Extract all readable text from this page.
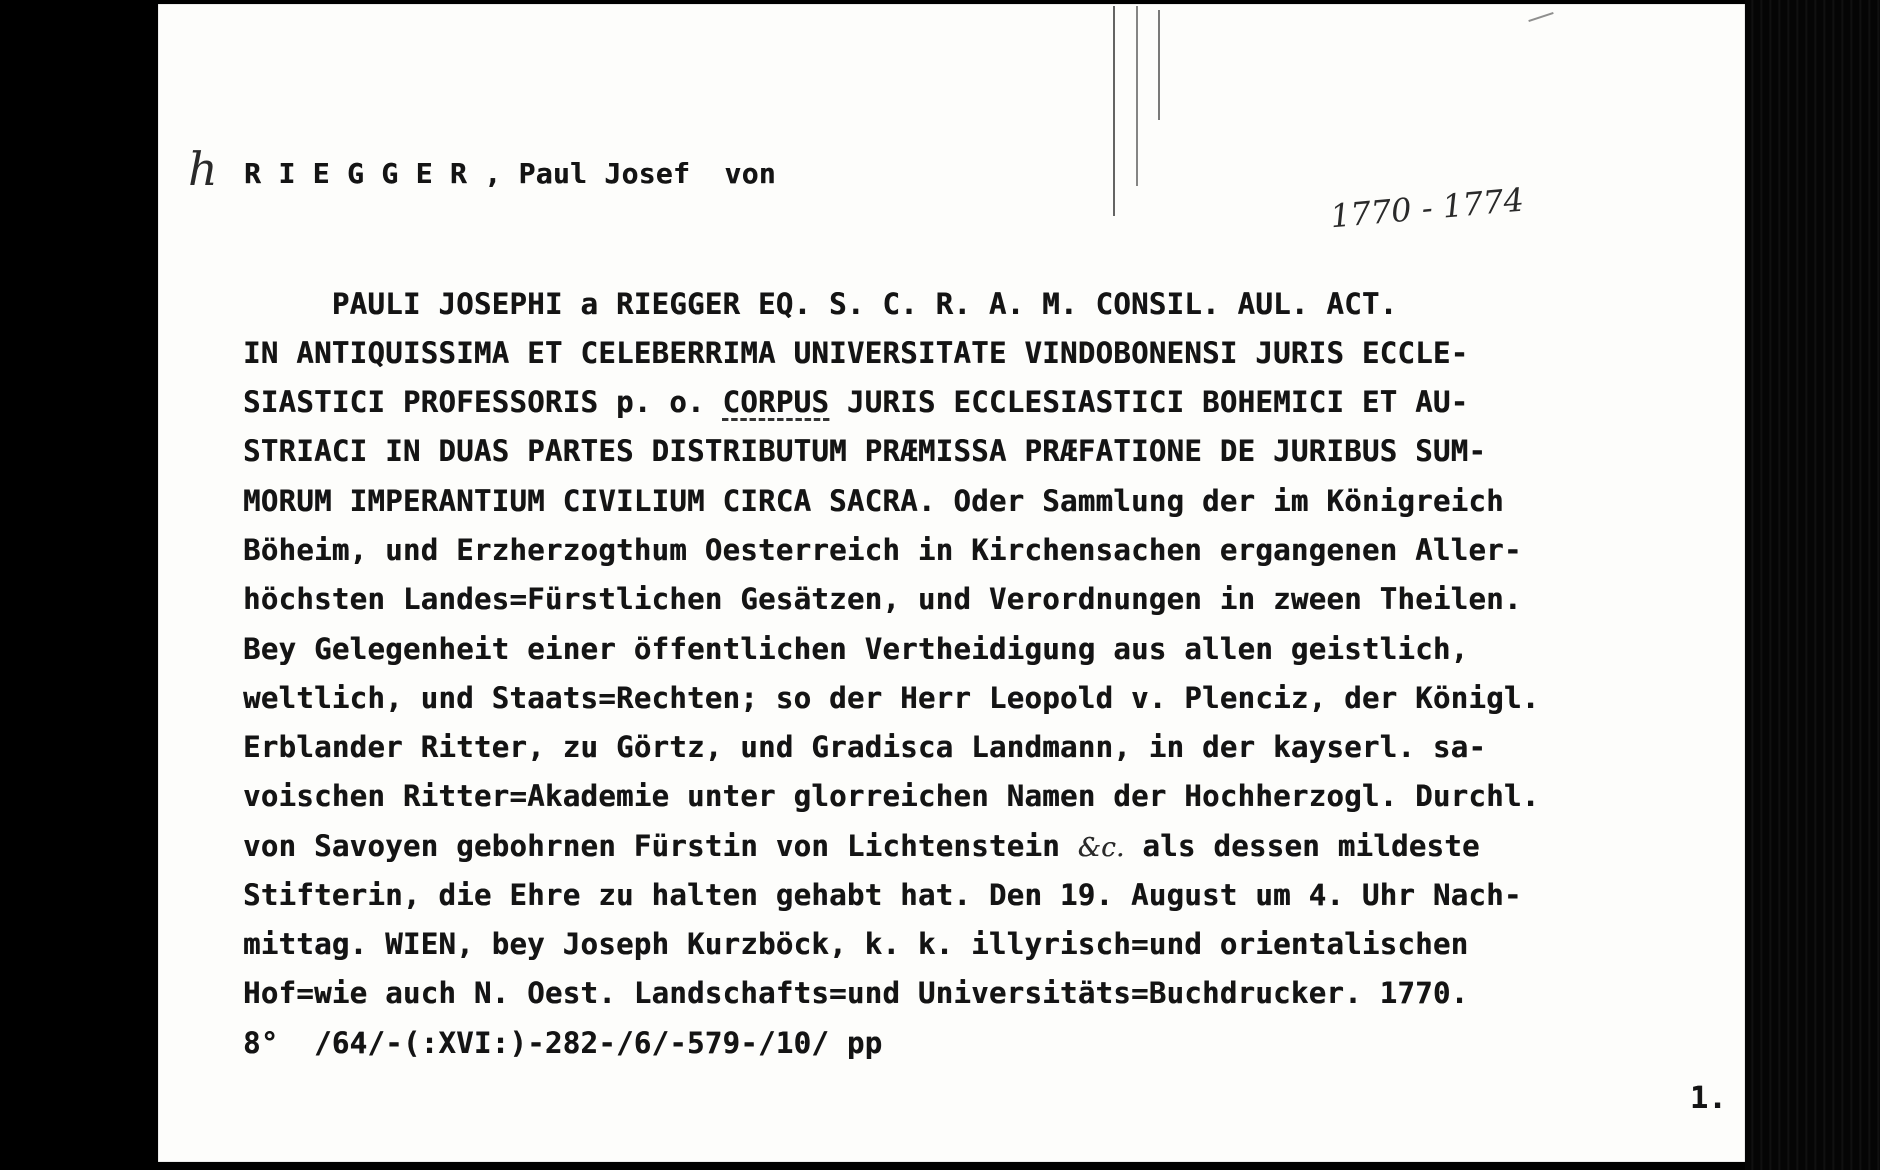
h R I E G G E R , Paul Josef  von
1770 - 1774
PAULI JOSEPHI a RIEGGER EQ. S. C. R. A. M. CONSIL. AUL. ACT.
IN ANTIQUISSIMA ET CELEBERRIMA UNIVERSITATE VINDOBONENSI JURIS ECCLE-
SIASTICI PROFESSORIS p. o. CORPUS JURIS ECCLESIASTICI BOHEMICI ET AU-
STRIACI IN DUAS PARTES DISTRIBUTUM PRÆMISSA PRÆFATIONE DE JURIBUS SUM-
MORUM IMPERANTIUM CIVILIUM CIRCA SACRA. Oder Sammlung der im Königreich
Böheim, und Erzherzogthum Oesterreich in Kirchensachen ergangenen Aller-
höchsten Landes=Fürstlichen Gesätzen, und Verordnungen in zween Theilen.
Bey Gelegenheit einer öffentlichen Vertheidigung aus allen geistlich,
weltlich, und Staats=Rechten; so der Herr Leopold v. Plenciz, der Königl.
Erblander Ritter, zu Görtz, und Gradisca Landmann, in der kayserl. sa-
voischen Ritter=Akademie unter glorreichen Namen der Hochherzogl. Durchl.
von Savoyen gebohrnen Fürstin von Lichtenstein &c. als dessen mildeste
Stifterin, die Ehre zu halten gehabt hat. Den 19. August um 4. Uhr Nach-
mittag. WIEN, bey Joseph Kurzböck, k. k. illyrisch=und orientalischen
Hof=wie auch N. Oest. Landschafts=und Universitäts=Buchdrucker. 1770.
8°  /64/-(:XVI:)-282-/6/-579-/10/ pp
1.
